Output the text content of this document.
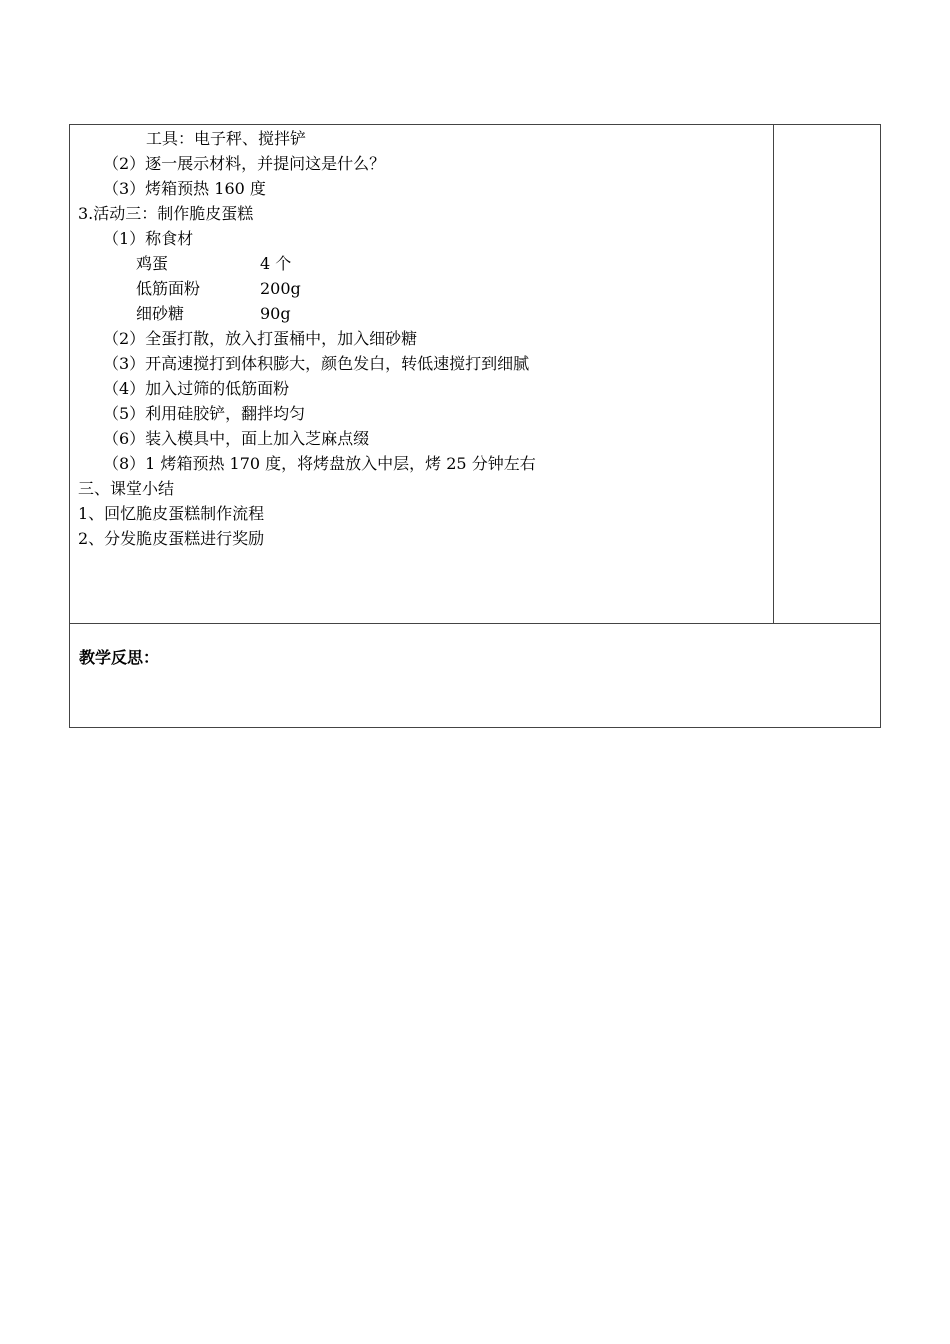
工具：电子秤、搅拌铲
（2）逐一展示材料，并提问这是什么？
（3）烤箱预热 160 度
3.活动三：制作脆皮蛋糕
（1）称食材
鸡蛋	4 个
低筋面粉	200g
细砂糖	90g
（2）全蛋打散，放入打蛋桶中，加入细砂糖
（3）开高速搅打到体积膨大，颜色发白，转低速搅打到细腻
（4）加入过筛的低筋面粉
（5）利用硅胶铲，翻拌均匀
（6）装入模具中，面上加入芝麻点缀
（8）1 烤箱预热 170 度，将烤盘放入中层，烤 25 分钟左右
三、课堂小结
1、回忆脆皮蛋糕制作流程
2、分发脆皮蛋糕进行奖励
教学反思：
